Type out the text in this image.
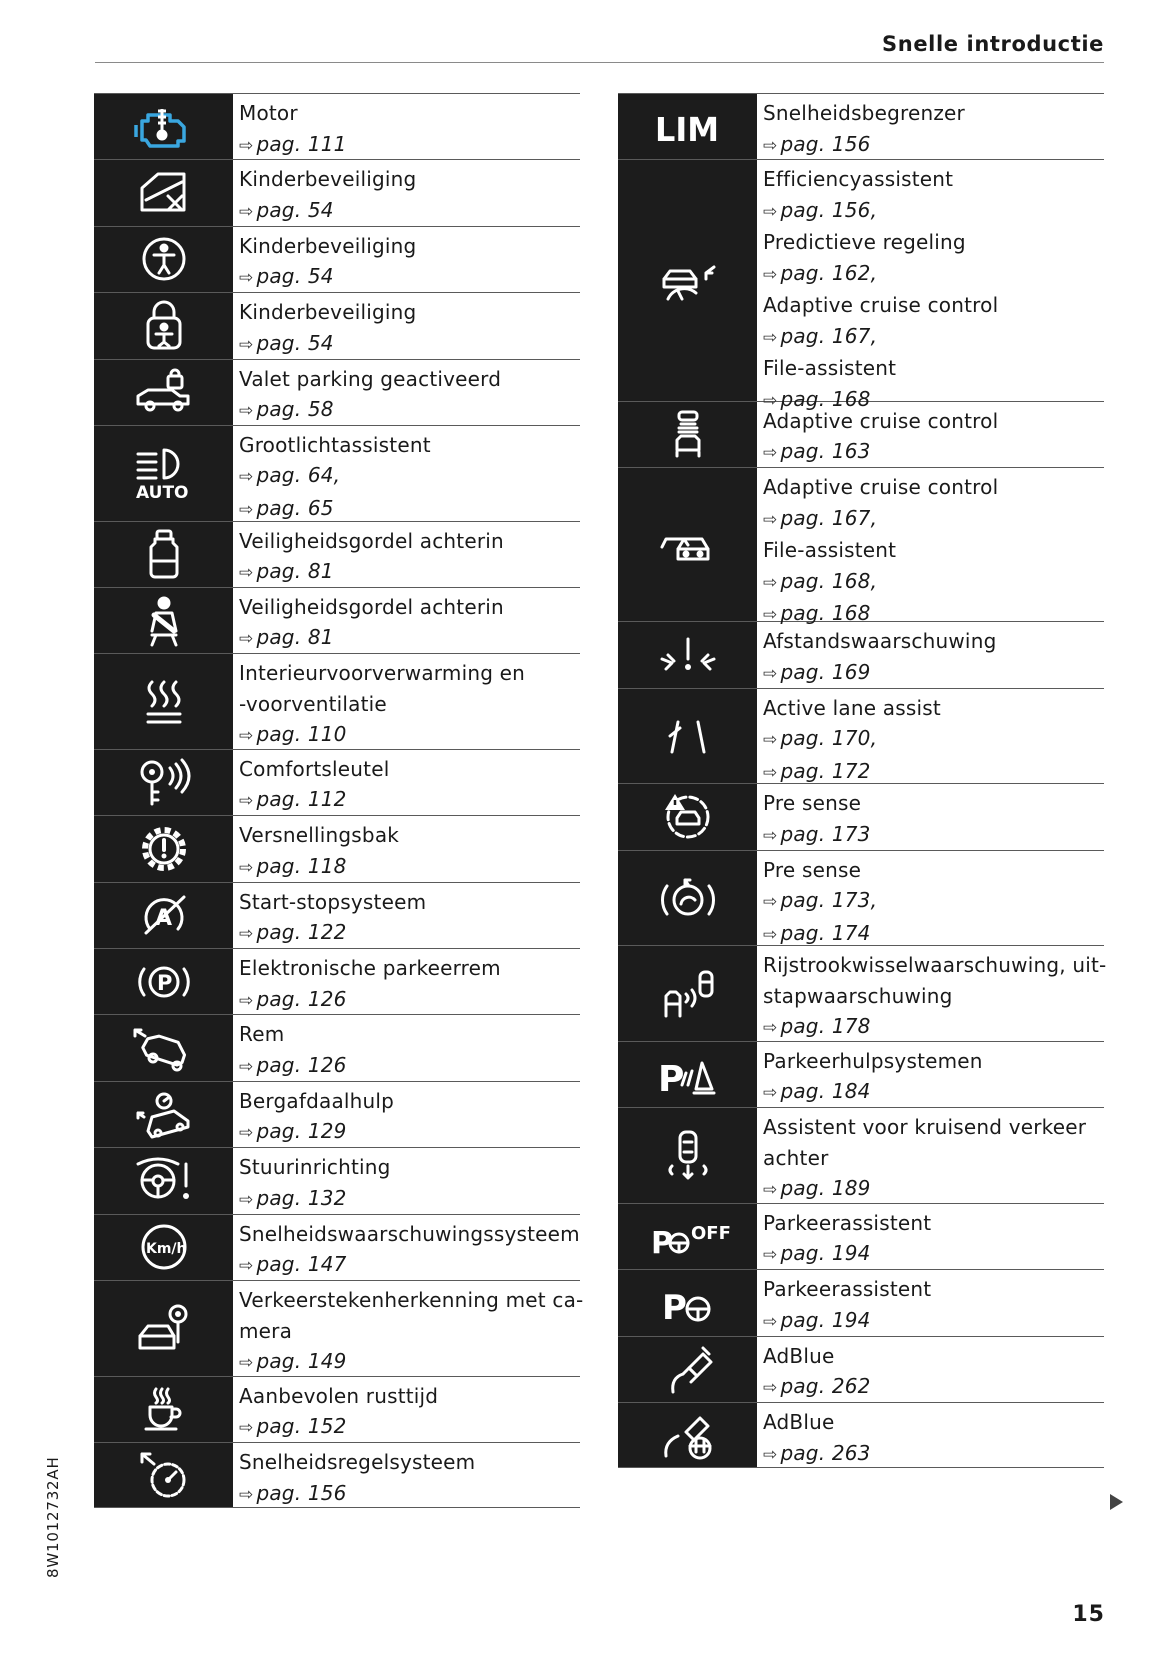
Snelle introductie
Motor
⇨ pag. 111
Kinderbeveiliging
⇨ pag. 54
Kinderbeveiliging
⇨ pag. 54
Kinderbeveiliging
⇨ pag. 54
Valet parking geactiveerd
⇨ pag. 58
AUTO
Grootlichtassistent
⇨ pag. 64,
⇨ pag. 65
Veiligheidsgordel achterin
⇨ pag. 81
Veiligheidsgordel achterin
⇨ pag. 81
Interieurvoorverwarming en
-voorventilatie
⇨ pag. 110
Comfortsleutel
⇨ pag. 112
Versnellingsbak
⇨ pag. 118
A
Start-stopsysteem
⇨ pag. 122
P
Elektronische parkeerrem
⇨ pag. 126
Rem
⇨ pag. 126
Bergafdaalhulp
⇨ pag. 129
Stuurinrichting
⇨ pag. 132
Km/h
Snelheidswaarschuwingssysteem
⇨ pag. 147
Verkeerstekenherkenning met ca-
mera
⇨ pag. 149
Aanbevolen rusttijd
⇨ pag. 152
Snelheidsregelsysteem
⇨ pag. 156
LIM Snelheidsbegrenzer
⇨ pag. 156
Efficiencyassistent
⇨ pag. 156,
Predictieve regeling
⇨ pag. 162,
Adaptive cruise control
⇨ pag. 167,
File-assistent
⇨ pag. 168
Adaptive cruise control
⇨ pag. 163
Adaptive cruise control
⇨ pag. 167,
File-assistent
⇨ pag. 168,
⇨ pag. 168
Afstandswaarschuwing
⇨ pag. 169
Active lane assist
⇨ pag. 170,
⇨ pag. 172
Pre sense
⇨ pag. 173
Pre sense
⇨ pag. 173,
⇨ pag. 174
Rijstrookwisselwaarschuwing, uit-
stapwaarschuwing
⇨ pag. 178
P	Parkeerhulpsystemen
⇨ pag. 184
Assistent voor kruisend verkeer
achter
⇨ pag. 189
P OFF Parkeerassistent
⇨ pag. 194
P	Parkeerassistent
⇨ pag. 194
AdBlue
⇨ pag. 262
AdBlue
⇨ pag. 263
8W1012732AH
15
